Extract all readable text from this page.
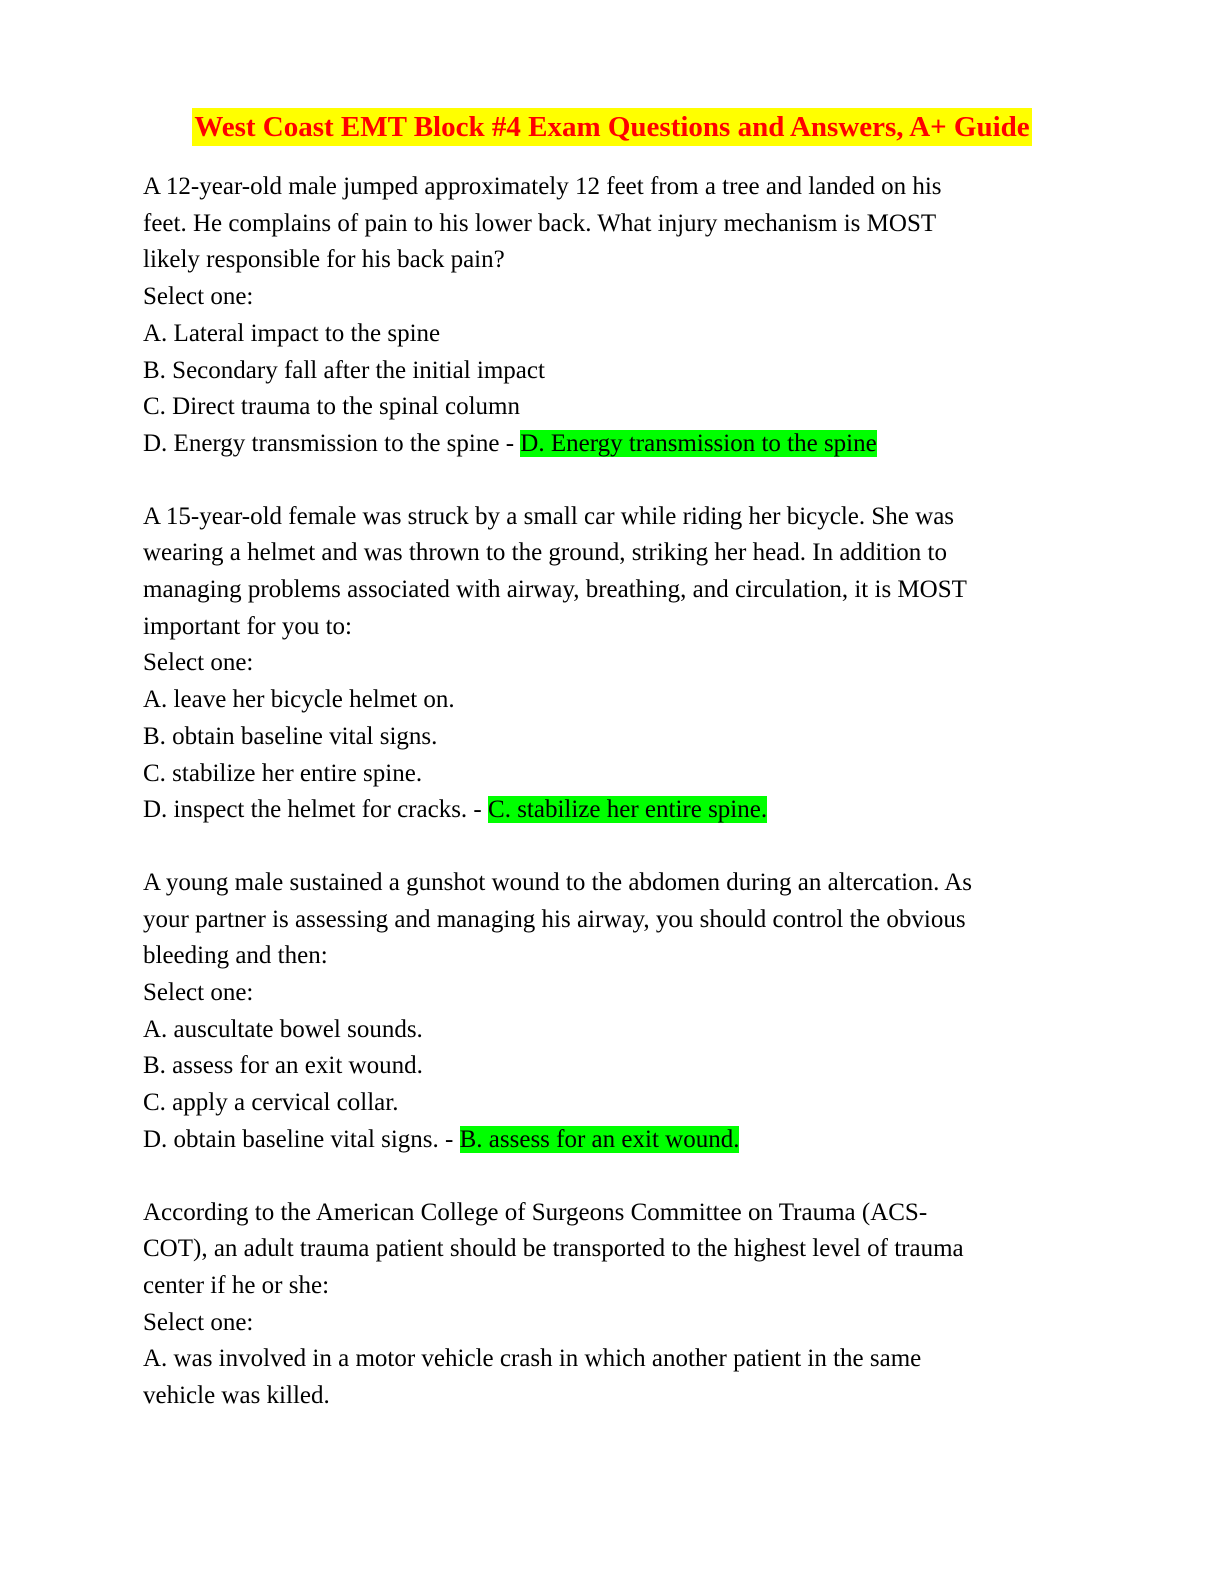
West Coast EMT Block #4 Exam Questions and Answers, A+ Guide
A 12-year-old male jumped approximately 12 feet from a tree and landed on his
feet. He complains of pain to his lower back. What injury mechanism is MOST
likely responsible for his back pain?
Select one:
A. Lateral impact to the spine
B. Secondary fall after the initial impact
C. Direct trauma to the spinal column
D. Energy transmission to the spine - D. Energy transmission to the spine
A 15-year-old female was struck by a small car while riding her bicycle. She was
wearing a helmet and was thrown to the ground, striking her head. In addition to
managing problems associated with airway, breathing, and circulation, it is MOST
important for you to:
Select one:
A. leave her bicycle helmet on.
B. obtain baseline vital signs.
C. stabilize her entire spine.
D. inspect the helmet for cracks. - C. stabilize her entire spine.
A young male sustained a gunshot wound to the abdomen during an altercation. As
your partner is assessing and managing his airway, you should control the obvious
bleeding and then:
Select one:
A. auscultate bowel sounds.
B. assess for an exit wound.
C. apply a cervical collar.
D. obtain baseline vital signs. - B. assess for an exit wound.
According to the American College of Surgeons Committee on Trauma (ACS-
COT), an adult trauma patient should be transported to the highest level of trauma
center if he or she:
Select one:
A. was involved in a motor vehicle crash in which another patient in the same
vehicle was killed.
